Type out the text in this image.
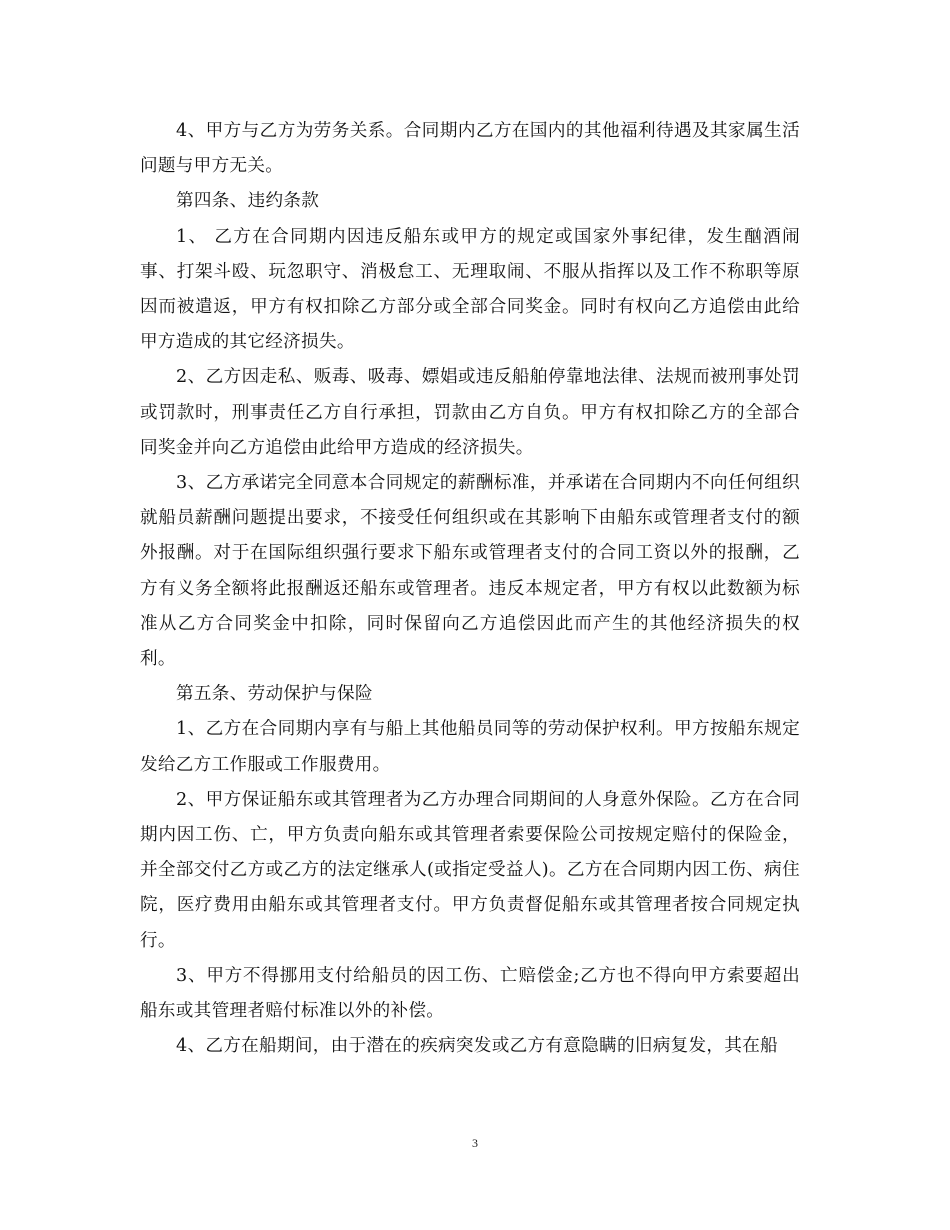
4、甲方与乙方为劳务关系。合同期内乙方在国内的其他福利待遇及其家属生活问题与甲方无关。

第四条、违约条款

1、 乙方在合同期内因违反船东或甲方的规定或国家外事纪律，发生酗酒闹事、打架斗殴、玩忽职守、消极怠工、无理取闹、不服从指挥以及工作不称职等原因而被遣返，甲方有权扣除乙方部分或全部合同奖金。同时有权向乙方追偿由此给甲方造成的其它经济损失。

2、乙方因走私、贩毒、吸毒、嫖娼或违反船舶停靠地法律、法规而被刑事处罚或罚款时，刑事责任乙方自行承担，罚款由乙方自负。甲方有权扣除乙方的全部合同奖金并向乙方追偿由此给甲方造成的经济损失。

3、乙方承诺完全同意本合同规定的薪酬标准，并承诺在合同期内不向任何组织就船员薪酬问题提出要求，不接受任何组织或在其影响下由船东或管理者支付的额外报酬。对于在国际组织强行要求下船东或管理者支付的合同工资以外的报酬，乙方有义务全额将此报酬返还船东或管理者。违反本规定者，甲方有权以此数额为标准从乙方合同奖金中扣除，同时保留向乙方追偿因此而产生的其他经济损失的权利。

第五条、劳动保护与保险

1、乙方在合同期内享有与船上其他船员同等的劳动保护权利。甲方按船东规定发给乙方工作服或工作服费用。

2、甲方保证船东或其管理者为乙方办理合同期间的人身意外保险。乙方在合同期内因工伤、亡，甲方负责向船东或其管理者索要保险公司按规定赔付的保险金，并全部交付乙方或乙方的法定继承人(或指定受益人)。乙方在合同期内因工伤、病住院，医疗费用由船东或其管理者支付。甲方负责督促船东或其管理者按合同规定执行。

3、甲方不得挪用支付给船员的因工伤、亡赔偿金;乙方也不得向甲方索要超出船东或其管理者赔付标准以外的补偿。

4、乙方在船期间，由于潜在的疾病突发或乙方有意隐瞒的旧病复发，其在船

3
